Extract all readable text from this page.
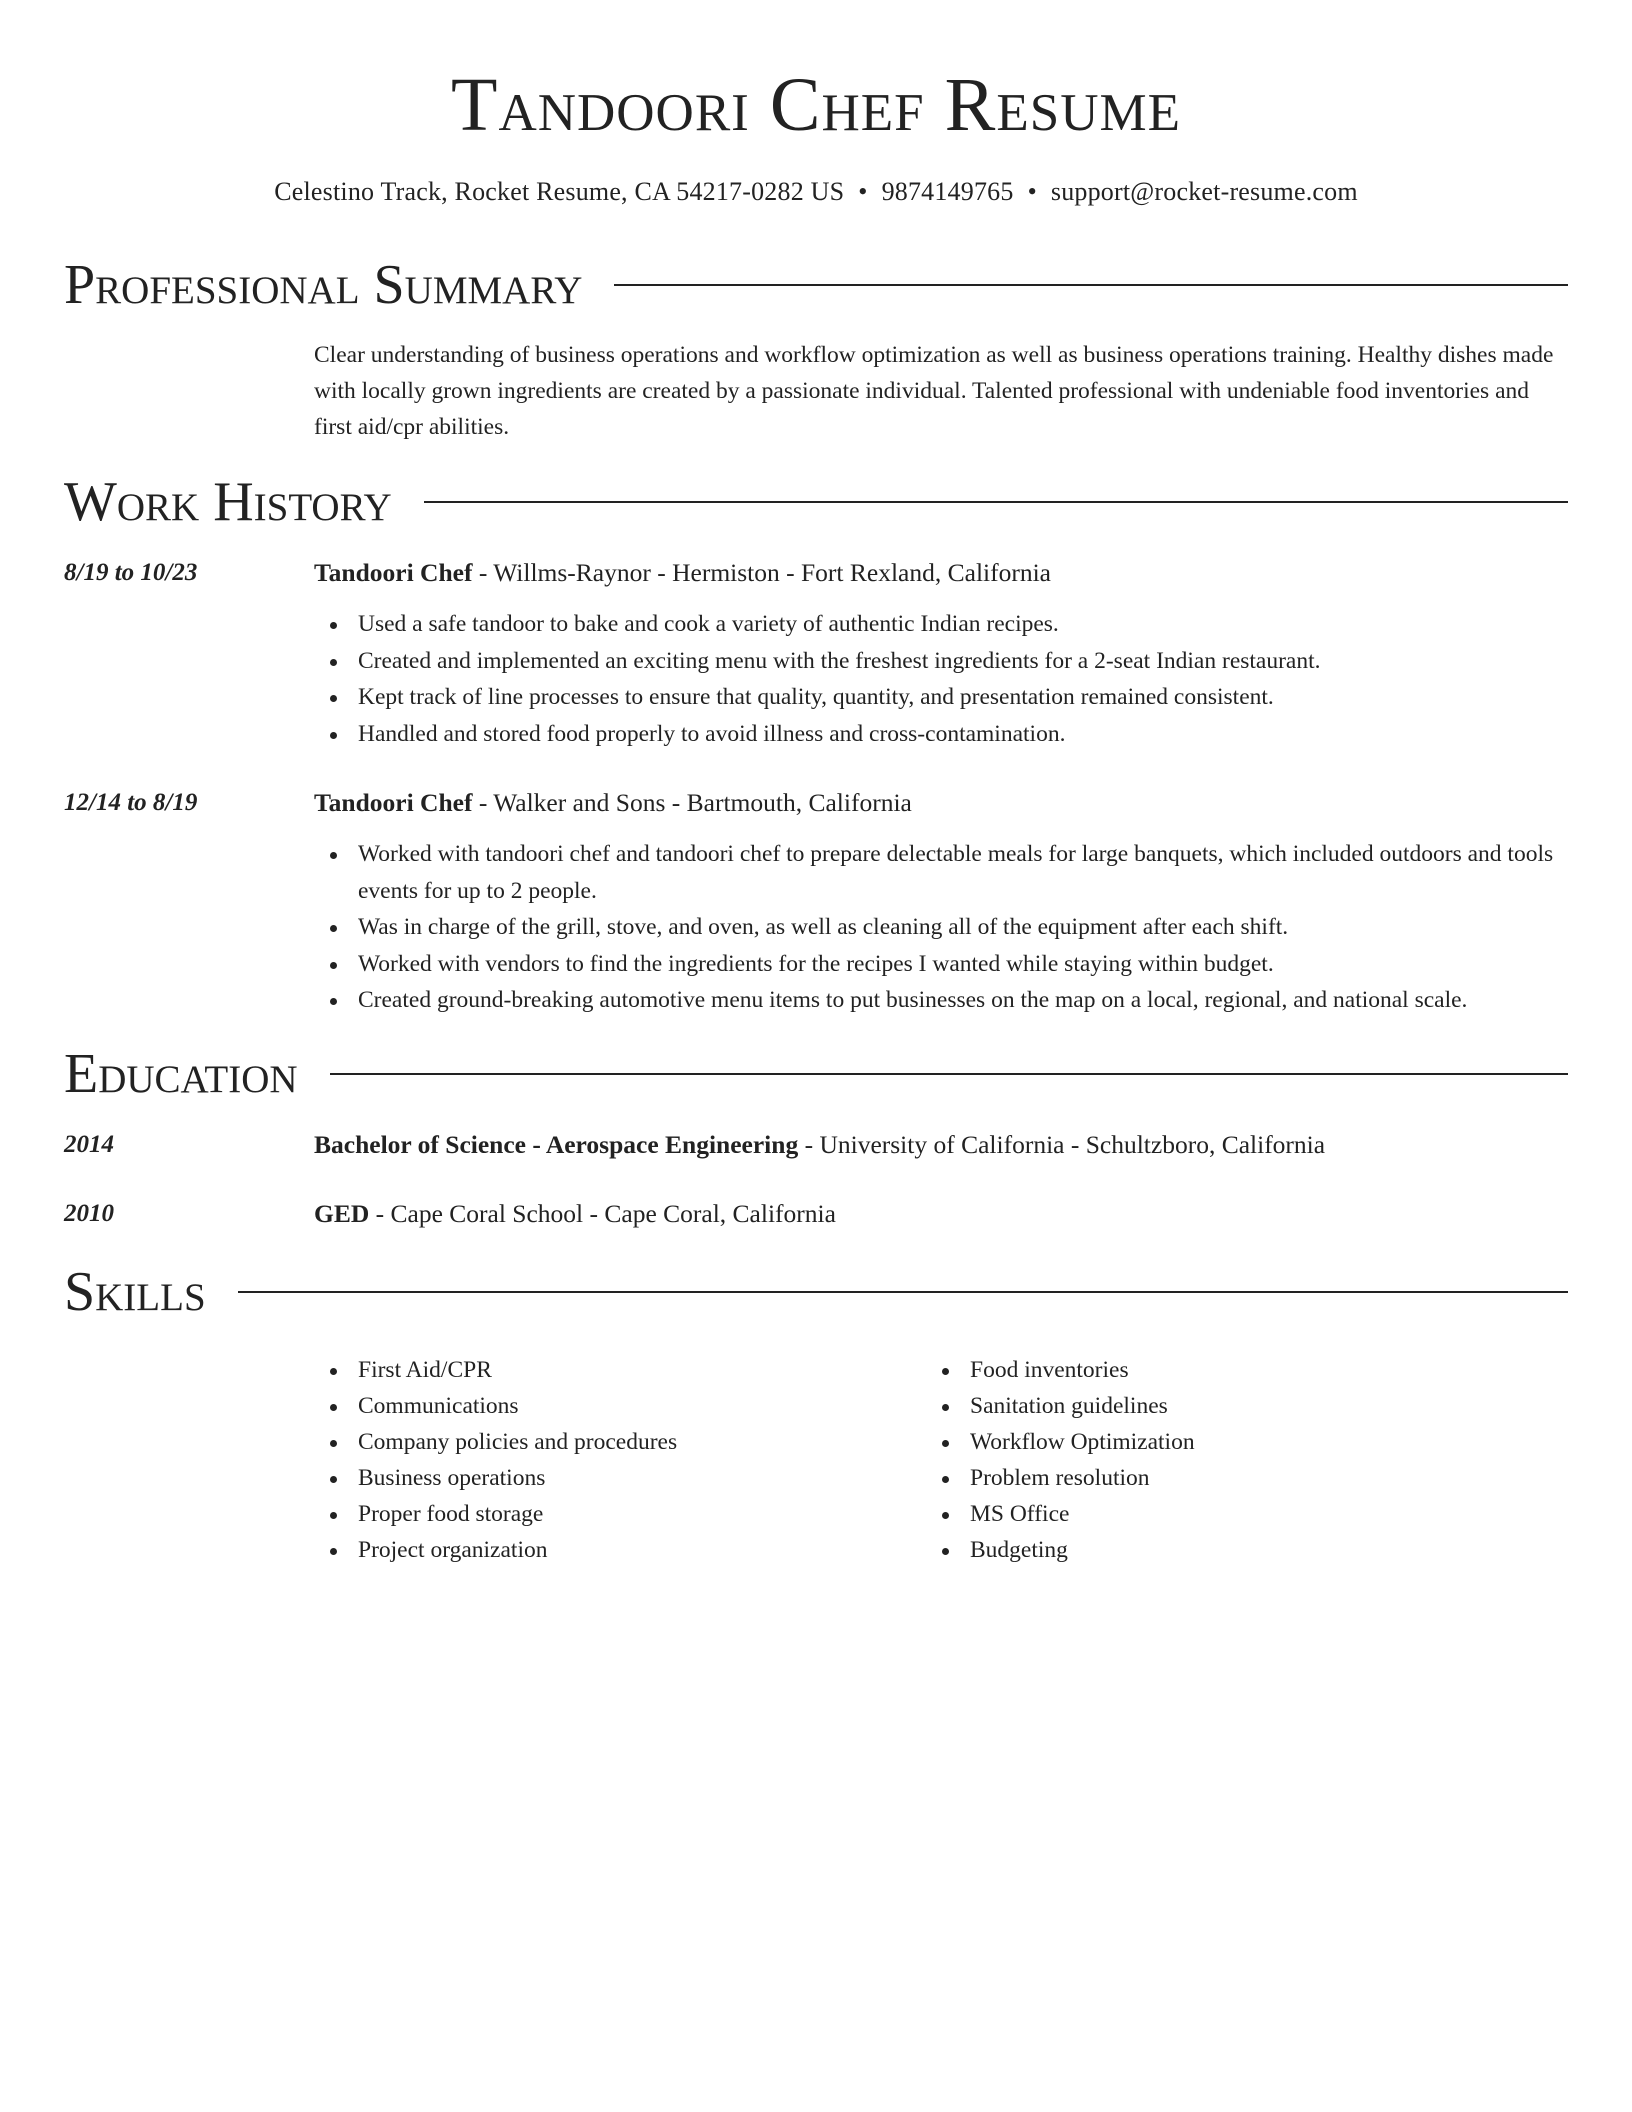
Tandoori Chef Resume
Celestino Track, Rocket Resume, CA 54217-0282 US • 9874149765 • support@rocket-resume.com
Professional Summary
Clear understanding of business operations and workflow optimization as well as business operations training. Healthy dishes made with locally grown ingredients are created by a passionate individual. Talented professional with undeniable food inventories and first aid/cpr abilities.
Work History
8/19 to 10/23	Tandoori Chef - Willms-Raynor - Hermiston - Fort Rexland, California
Used a safe tandoor to bake and cook a variety of authentic Indian recipes.
Created and implemented an exciting menu with the freshest ingredients for a 2-seat Indian restaurant.
Kept track of line processes to ensure that quality, quantity, and presentation remained consistent.
Handled and stored food properly to avoid illness and cross-contamination.
12/14 to 8/19	Tandoori Chef - Walker and Sons - Bartmouth, California
Worked with tandoori chef and tandoori chef to prepare delectable meals for large banquets, which included outdoors and tools events for up to 2 people.
Was in charge of the grill, stove, and oven, as well as cleaning all of the equipment after each shift.
Worked with vendors to find the ingredients for the recipes I wanted while staying within budget.
Created ground-breaking automotive menu items to put businesses on the map on a local, regional, and national scale.
Education
2014	Bachelor of Science - Aerospace Engineering - University of California - Schultzboro, California
2010	GED - Cape Coral School - Cape Coral, California
Skills
First Aid/CPR
Communications
Company policies and procedures
Business operations
Proper food storage
Project organization
Food inventories
Sanitation guidelines
Workflow Optimization
Problem resolution
MS Office
Budgeting
